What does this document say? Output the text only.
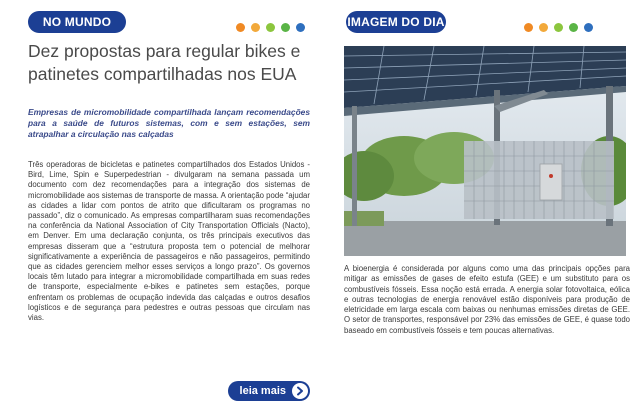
NO MUNDO
Dez propostas para regular bikes e patinetes compartilhadas nos EUA

Empresas de micromobilidade compartilhada lançam recomendações para a saúde de futuros sistemas, com e sem estações, sem atrapalhar a circulação nas calçadas

Três operadoras de bicicletas e patinetes compartilhados dos Estados Unidos - Bird, Lime, Spin e Superpedestrian - divulgaram na semana passada um documento com dez recomendações para a integração dos sistemas de micromobilidade aos sistemas de transporte de massa. A orientação pode “ajudar as cidades a lidar com pontos de atrito que dificultaram os programas no passado”, diz o comunicado. As empresas compartilharam suas recomendações na conferência da National Association of City Transportation Officials (Nacto), em Denver. Em uma declaração conjunta, os três principais executivos das empresas disseram que a “estrutura proposta tem o potencial de melhorar significativamente a experiência de passageiros e não passageiros, permitindo que as cidades gerenciem melhor esses serviços a longo prazo”. Os governos locais têm lutado para integrar a micromobilidade compartilhada em suas redes de transporte, especialmente e-bikes e patinetes sem estações, porque enfrentam os problemas de ocupação indevida das calçadas e outros desafios logísticos e de segurança para pedestres e outras pessoas que circulam nas vias.

leia mais
IMAGEM DO DIA

A bioenergia é considerada por alguns como uma das principais opções para mitigar as emissões de gases de efeito estufa (GEE) e um substituto para os combustíveis fósseis. Essa noção está errada. A energia solar fotovoltaica, eólica e outras tecnologias de energia renovável estão disponíveis para produção de eletricidade em larga escala com baixas ou nenhumas emissões diretas de GEE. O setor de transportes, responsável por 23% das emissões de GEE, é quase todo baseado em combustíveis fósseis e tem poucas alternativas.
